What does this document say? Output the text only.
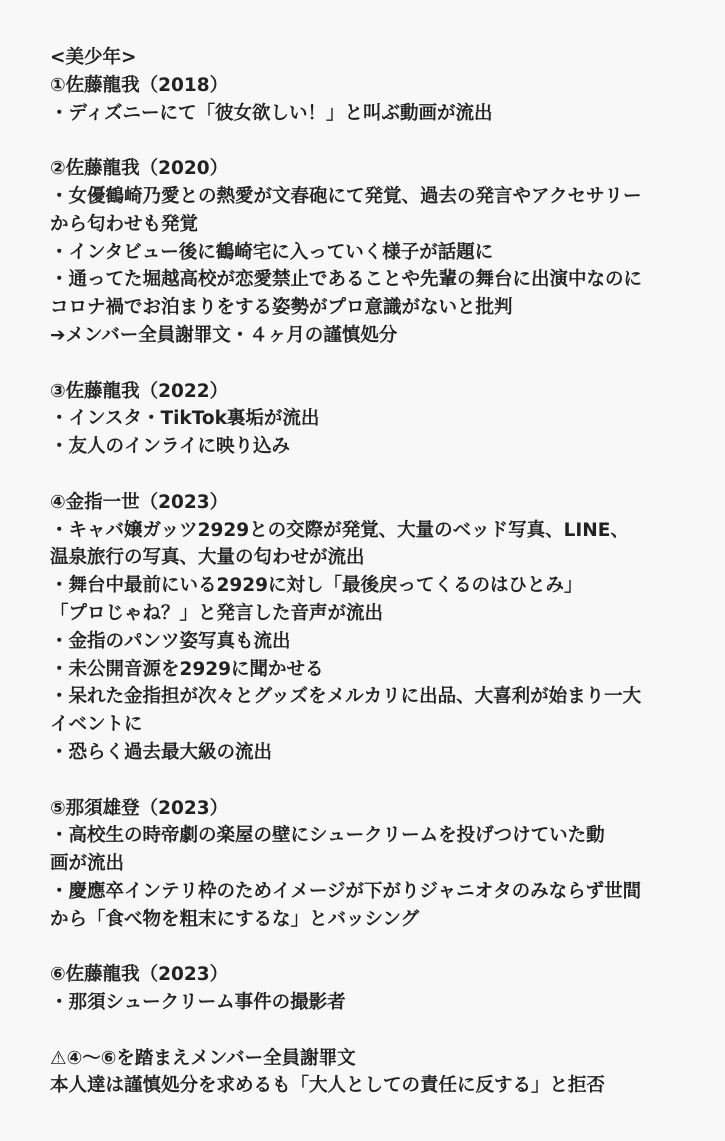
<美少年>
①佐藤龍我（2018）
・ディズニーにて「彼女欲しい！」と叫ぶ動画が流出
②佐藤龍我（2020）
・女優鶴崎乃愛との熱愛が文春砲にて発覚、過去の発言やアクセサリー
から匂わせも発覚
・インタビュー後に鶴崎宅に入っていく様子が話題に
・通ってた堀越高校が恋愛禁止であることや先輩の舞台に出演中なのに
コロナ禍でお泊まりをする姿勢がプロ意識がないと批判
➔メンバー全員謝罪文・４ヶ月の謹慎処分
③佐藤龍我（2022）
・インスタ・TikTok裏垢が流出
・友人のインライに映り込み
④金指一世（2023）
・キャバ嬢ガッツ2929との交際が発覚、大量のベッド写真、LINE、
温泉旅行の写真、大量の匂わせが流出
・舞台中最前にいる2929に対し「最後戻ってくるのはひとみ」
「プロじゃね？」と発言した音声が流出
・金指のパンツ姿写真も流出
・未公開音源を2929に聞かせる
・呆れた金指担が次々とグッズをメルカリに出品、大喜利が始まり一大
イベントに
・恐らく過去最大級の流出
⑤那須雄登（2023）
・高校生の時帝劇の楽屋の壁にシュークリームを投げつけていた動
画が流出
・慶應卒インテリ枠のためイメージが下がりジャニオタのみならず世間
から「食べ物を粗末にするな」とバッシング
⑥佐藤龍我（2023）
・那須シュークリーム事件の撮影者
⚠④～⑥を踏まえメンバー全員謝罪文
本人達は謹慎処分を求めるも「大人としての責任に反する」と拒否
